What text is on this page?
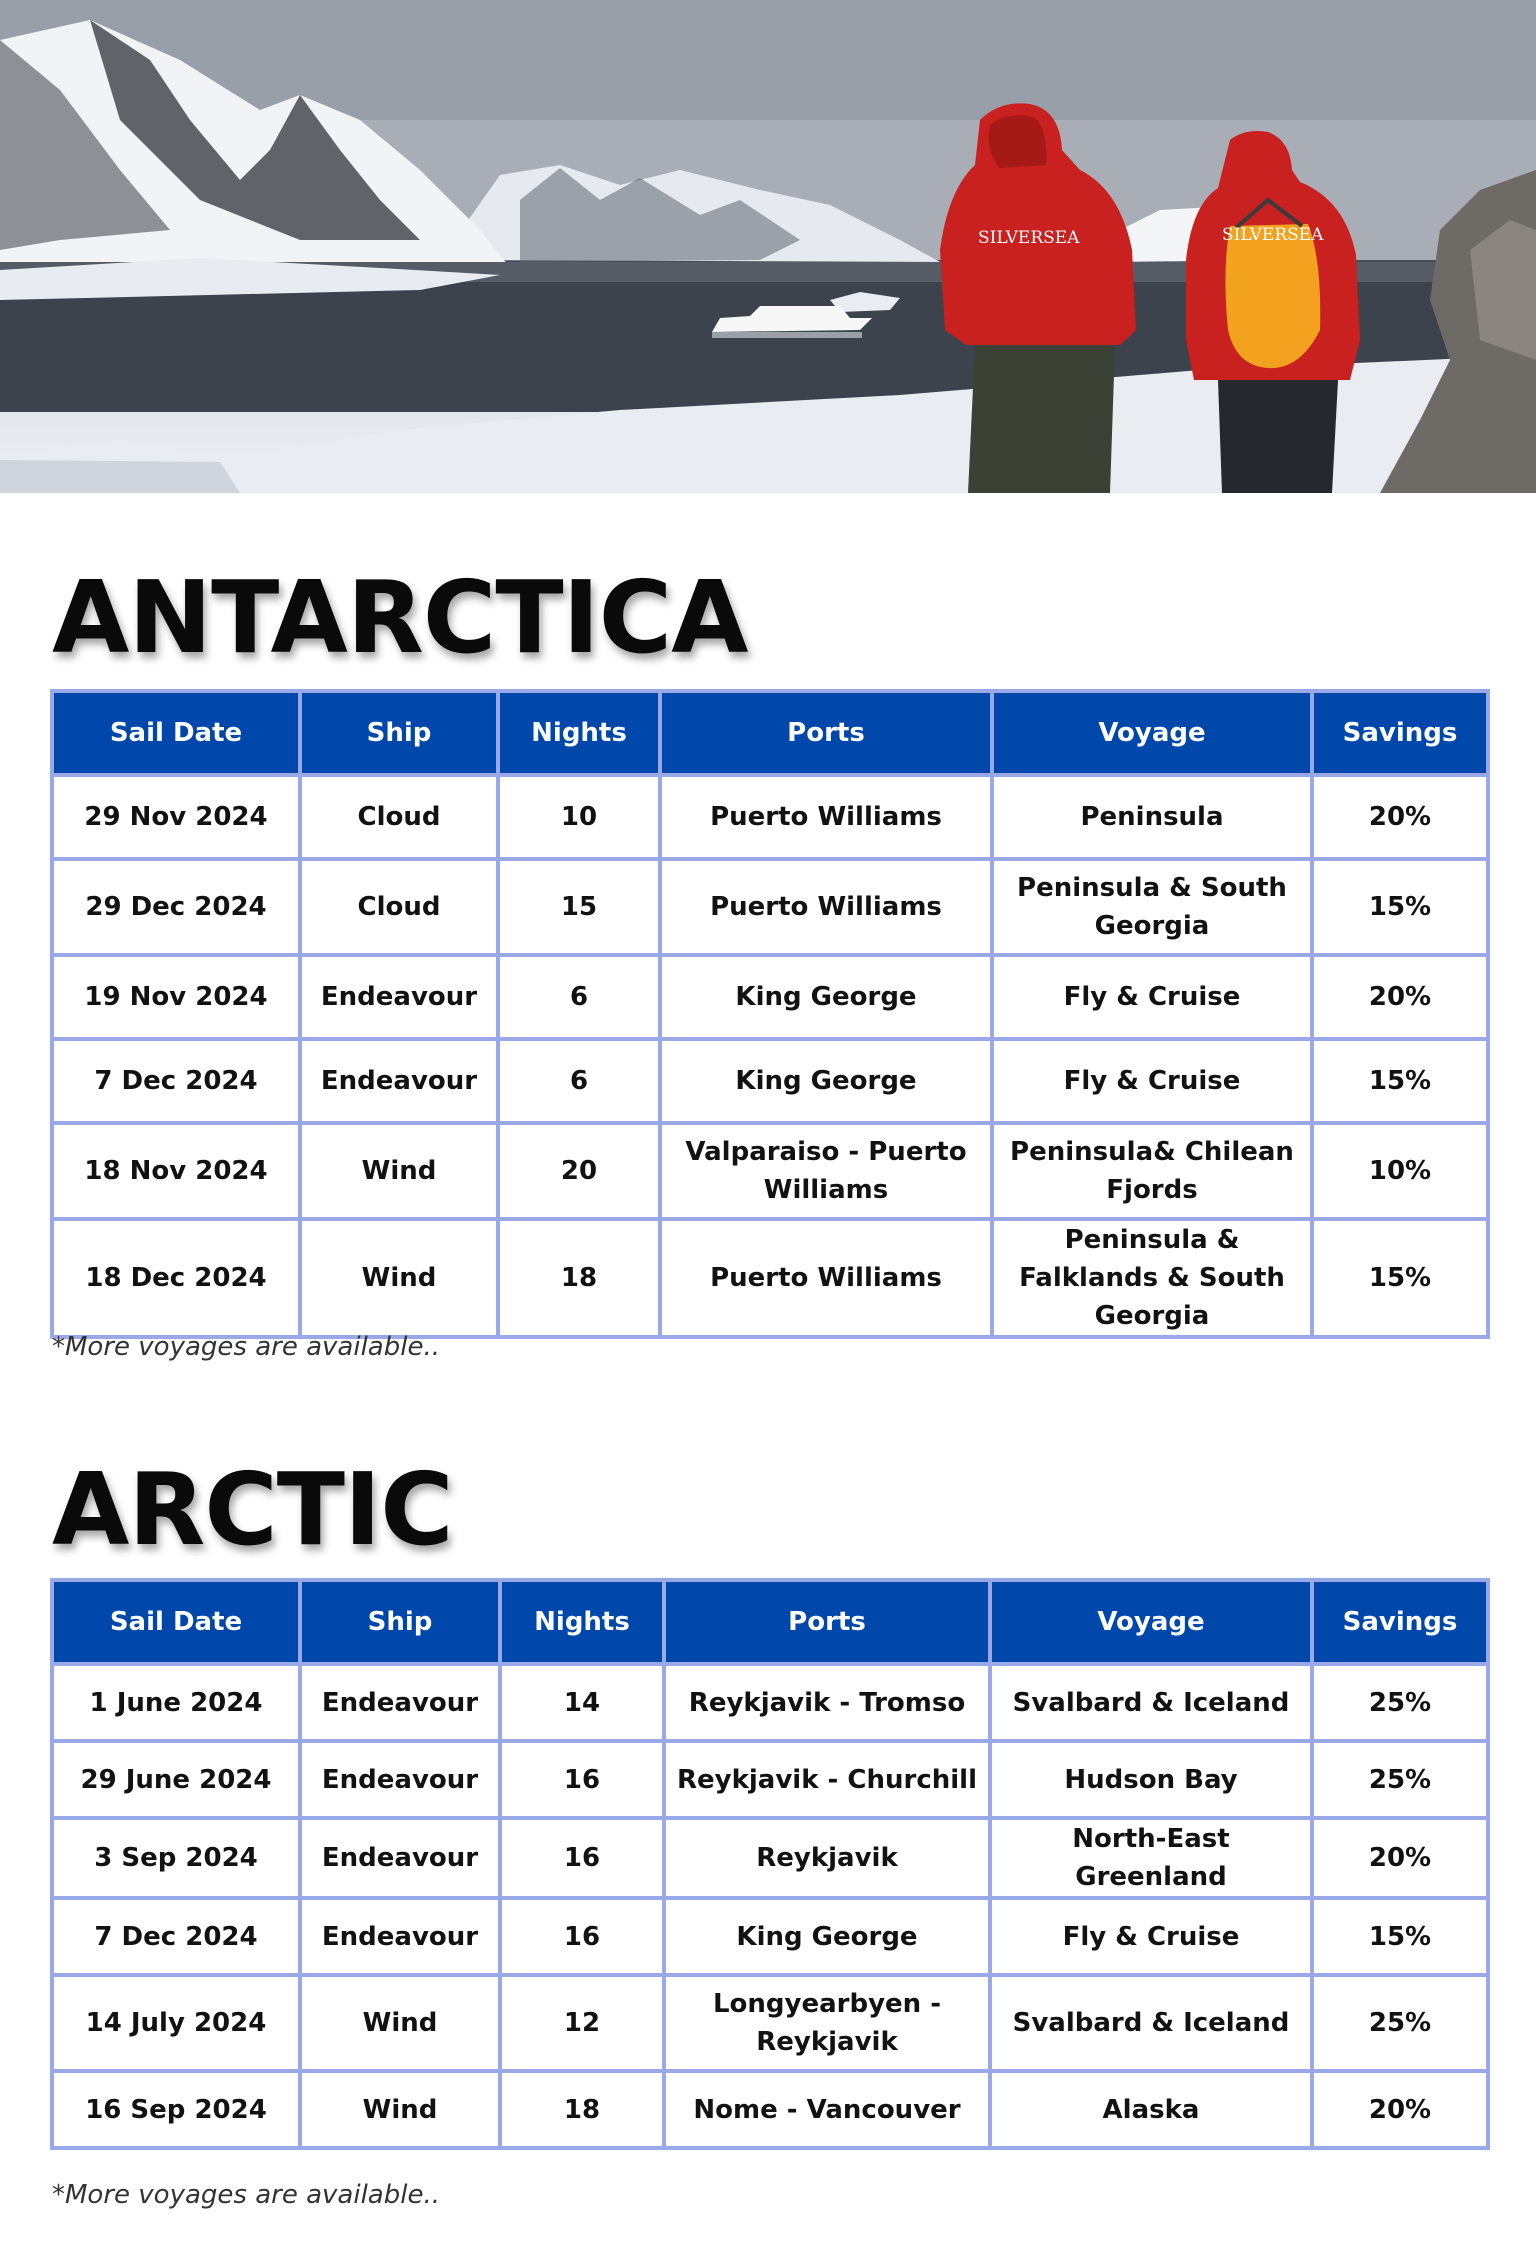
SILVERSEA	SILVERSEA
ANTARCTICA
Sail Date	Ship	Nights	Ports	Voyage	Savings
29 Nov 2024	Cloud	10	Puerto Williams	Peninsula	20%
29 Dec 2024	Cloud	15	Puerto Williams	Peninsula & South Georgia	15%
19 Nov 2024	Endeavour	6	King George	Fly & Cruise	20%
7 Dec 2024	Endeavour	6	King George	Fly & Cruise	15%
18 Nov 2024	Wind	20	Valparaiso - Puerto Williams	Peninsula& Chilean Fjords	10%
18 Dec 2024	Wind	18	Puerto Williams	Peninsula & Falklands & South Georgia	15%
*More voyages are available..
ARCTIC
Sail Date	Ship	Nights	Ports	Voyage	Savings
1 June 2024	Endeavour	14	Reykjavik - Tromso	Svalbard & Iceland	25%
29 June 2024	Endeavour	16	Reykjavik - Churchill	Hudson Bay	25%
3 Sep 2024	Endeavour	16	Reykjavik	North-East Greenland	20%
7 Dec 2024	Endeavour	16	King George	Fly & Cruise	15%
14 July 2024	Wind	12	Longyearbyen - Reykjavik	Svalbard & Iceland	25%
16 Sep 2024	Wind	18	Nome - Vancouver	Alaska	20%
*More voyages are available..
